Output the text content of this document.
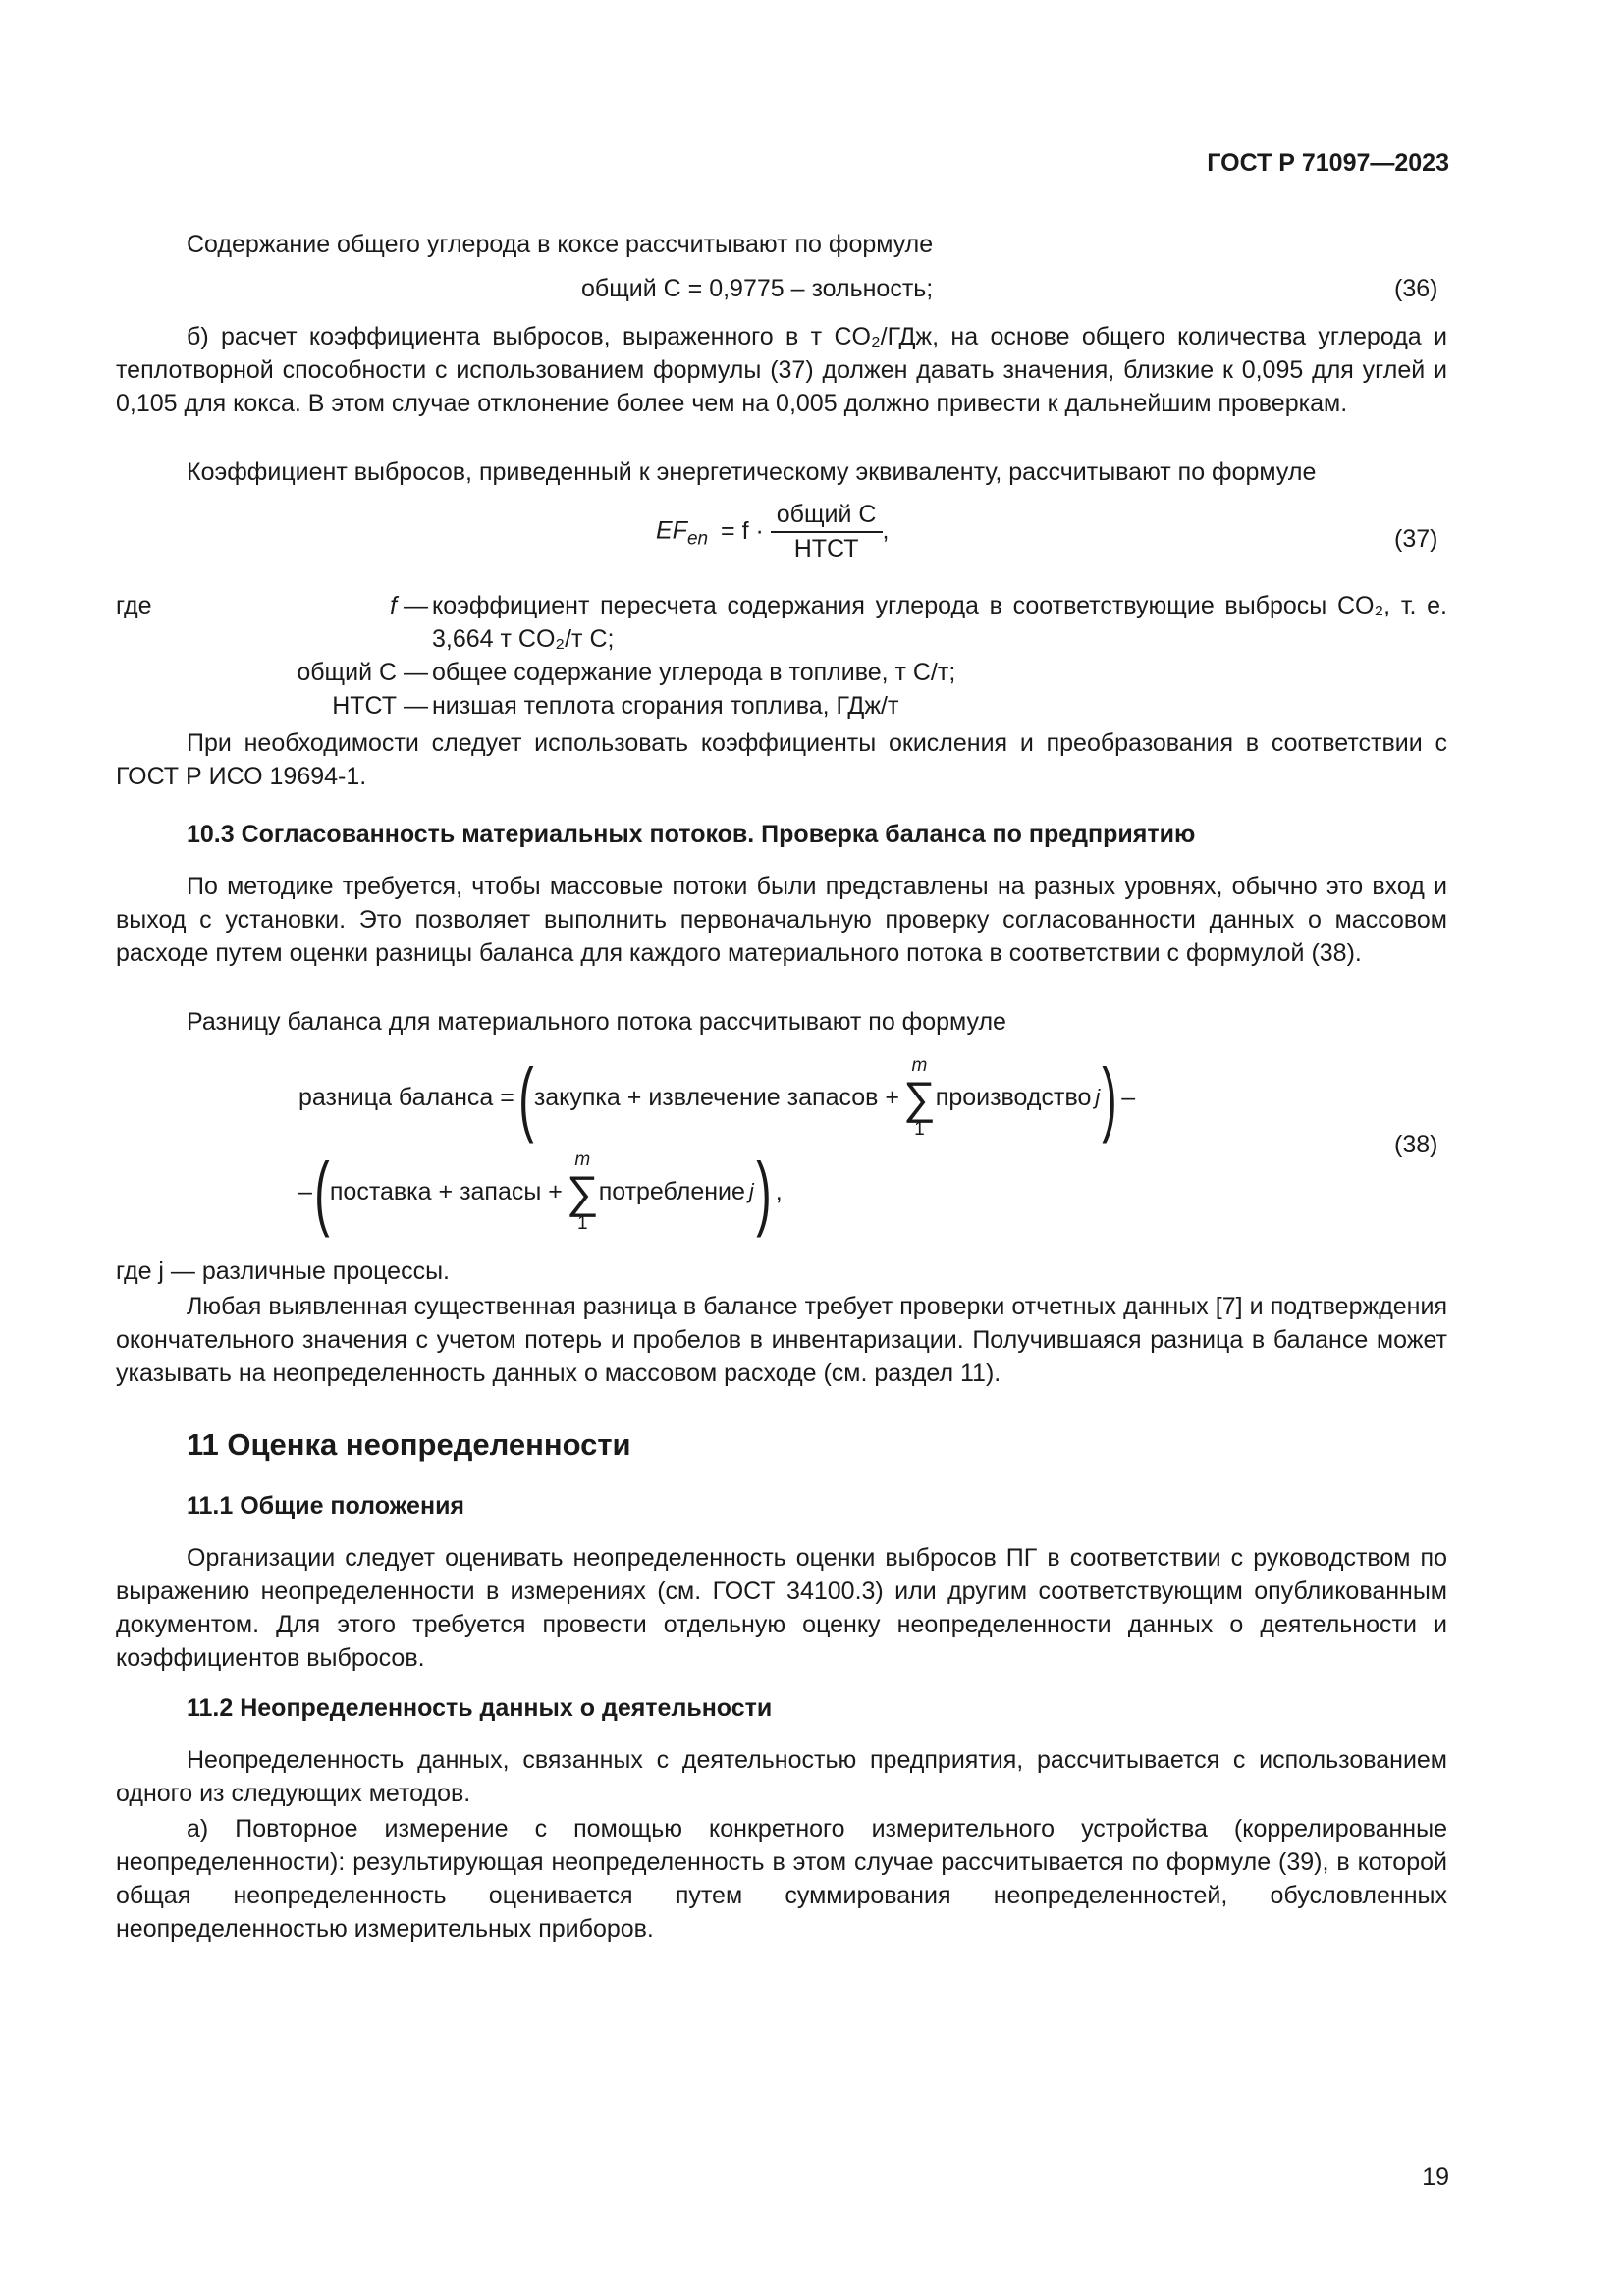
ГОСТ Р 71097—2023

Содержание общего углерода в коксе рассчитывают по формуле

общий С = 0,9775 – зольность;	(36)

б) расчет коэффициента выбросов, выраженного в т CO₂/ГДж, на основе общего количества углерода и теплотворной способности с использованием формулы (37) должен давать значения, близкие к 0,095 для углей и 0,105 для кокса. В этом случае отклонение более чем на 0,005 должно привести к дальнейшим проверкам.

Коэффициент выбросов, приведенный к энергетическому эквиваленту, рассчитывают по формуле

$EF_{en} = f \cdot \frac{\text{общий С}}{\text{НТСТ}}$ ,	(37)
где	f — коэффициент пересчета содержания углерода в соответствующие выбросы CO₂, т. е. 3,664 т CO₂/т С;
общий С — общее содержание углерода в топливе, т С/т;
НТСТ — низшая теплота сгорания топлива, ГДж/т

При необходимости следует использовать коэффициенты окисления и преобразования в соответствии с ГОСТ Р ИСО 19694-1.

10.3 Согласованность материальных потоков. Проверка баланса по предприятию

По методике требуется, чтобы массовые потоки были представлены на разных уровнях, обычно это вход и выход с установки. Это позволяет выполнить первоначальную проверку согласованности данных о массовом расходе путем оценки разницы баланса для каждого материального потока в соответствии с формулой (38).

Разницу баланса для материального потока рассчитывают по формуле

разница баланса = ( закупка + извлечение запасов +
m
∑
1
производство j ) –
– ( поставка + запасы +
m
∑
1
потребление j ) ,
(38)

где j — различные процессы.

Любая выявленная существенная разница в балансе требует проверки отчетных данных [7] и подтверждения окончательного значения с учетом потерь и пробелов в инвентаризации. Получившаяся разница в балансе может указывать на неопределенность данных о массовом расходе (см. раздел 11).

11 Оценка неопределенности
11.1 Общие положения

Организации следует оценивать неопределенность оценки выбросов ПГ в соответствии с руководством по выражению неопределенности в измерениях (см. ГОСТ 34100.3) или другим соответствующим опубликованным документом. Для этого требуется провести отдельную оценку неопределенности данных о деятельности и коэффициентов выбросов.

11.2 Неопределенность данных о деятельности

Неопределенность данных, связанных с деятельностью предприятия, рассчитывается с использованием одного из следующих методов.

а) Повторное измерение с помощью конкретного измерительного устройства (коррелированные неопределенности): результирующая неопределенность в этом случае рассчитывается по формуле (39), в которой общая неопределенность оценивается путем суммирования неопределенностей, обусловленных неопределенностью измерительных приборов.

19
